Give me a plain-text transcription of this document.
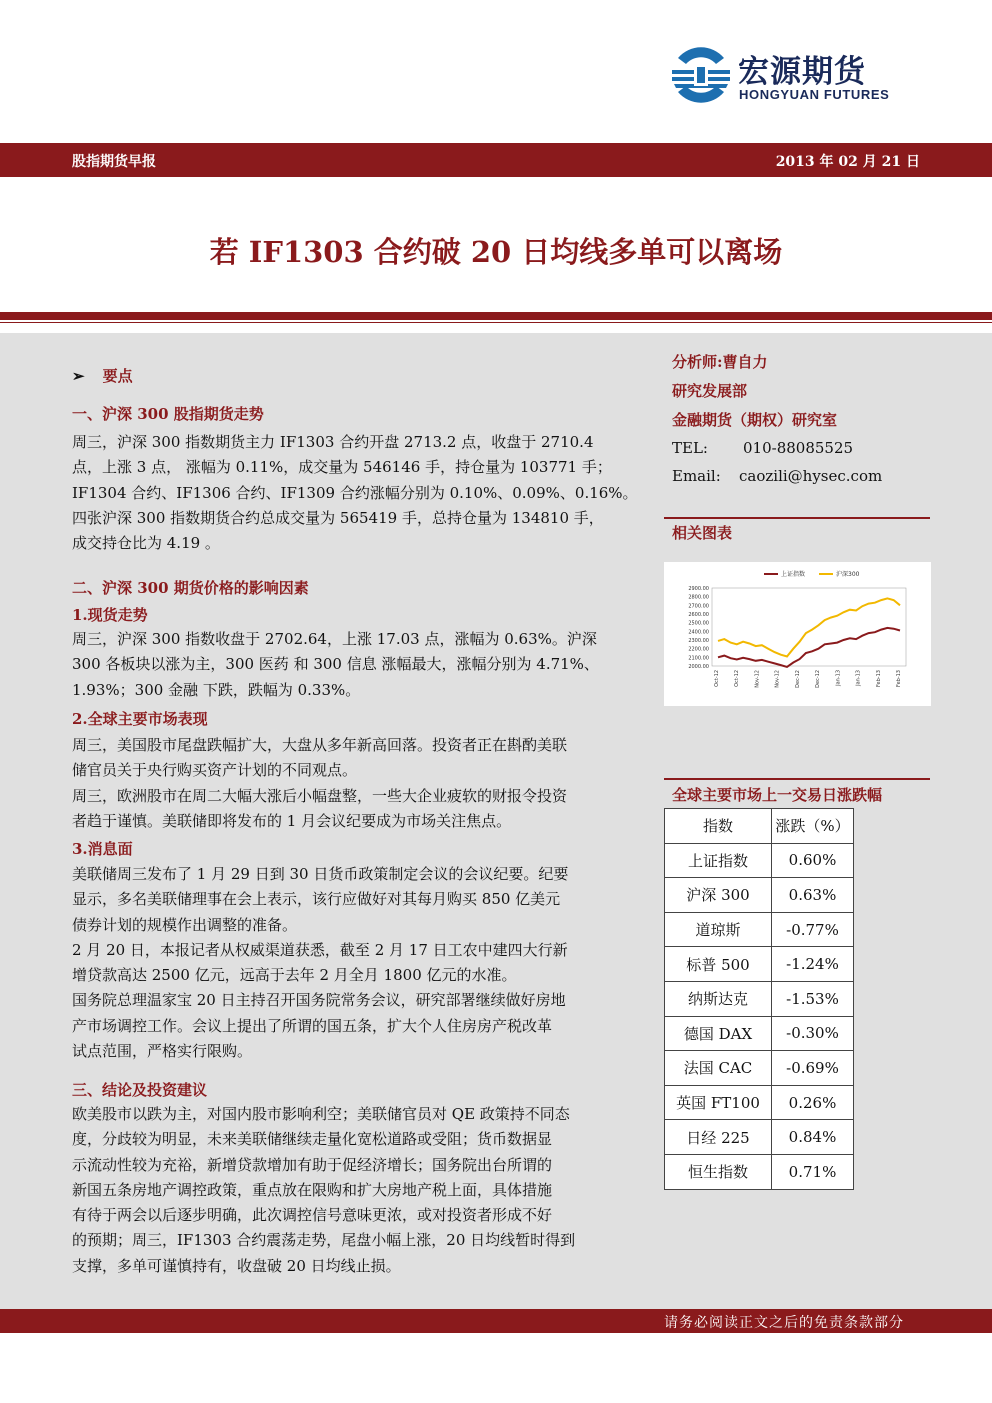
宏源期货
HONGYUAN FUTURES
股指期货早报	2013 年 02 月 21 日
若 IF1303 合约破 20 日均线多单可以离场
➢ 要点
一、沪深 300 股指期货走势
周三，沪深 300 指数期货主力 IF1303 合约开盘 2713.2 点，收盘于 2710.4
点，上涨 3 点， 涨幅为 0.11%，成交量为 546146 手，持仓量为 103771 手；
IF1304 合约、IF1306 合约、IF1309 合约涨幅分别为 0.10%、0.09%、0.16%。
四张沪深 300 指数期货合约总成交量为 565419 手，总持仓量为 134810 手，
成交持仓比为 4.19 。
二、沪深 300 期货价格的影响因素
1.现货走势
周三，沪深 300 指数收盘于 2702.64，上涨 17.03 点，涨幅为 0.63%。沪深
300 各板块以涨为主，300 医药 和 300 信息 涨幅最大，涨幅分别为 4.71%、
1.93%；300 金融 下跌，跌幅为 0.33%。
2.全球主要市场表现
周三，美国股市尾盘跌幅扩大，大盘从多年新高回落。投资者正在斟酌美联
储官员关于央行购买资产计划的不同观点。
周三，欧洲股市在周二大幅大涨后小幅盘整，一些大企业疲软的财报令投资
者趋于谨慎。美联储即将发布的 1 月会议纪要成为市场关注焦点。
3.消息面
美联储周三发布了 1 月 29 日到 30 日货币政策制定会议的会议纪要。纪要
显示，多名美联储理事在会上表示，该行应做好对其每月购买 850 亿美元
债券计划的规模作出调整的准备。
2 月 20 日，本报记者从权威渠道获悉，截至 2 月 17 日工农中建四大行新
增贷款高达 2500 亿元，远高于去年 2 月全月 1800 亿元的水准。
国务院总理温家宝 20 日主持召开国务院常务会议，研究部署继续做好房地
产市场调控工作。会议上提出了所谓的国五条，扩大个人住房房产税改革
试点范围，严格实行限购。
三、结论及投资建议
欧美股市以跌为主，对国内股市影响利空；美联储官员对 QE 政策持不同态
度，分歧较为明显，未来美联储继续走量化宽松道路或受阻；货币数据显
示流动性较为充裕，新增贷款增加有助于促经济增长；国务院出台所谓的
新国五条房地产调控政策，重点放在限购和扩大房地产税上面，具体措施
有待于两会以后逐步明确，此次调控信号意味更浓，或对投资者形成不好
的预期；周三，IF1303 合约震荡走势，尾盘小幅上涨，20 日均线暂时得到
支撑，多单可谨慎持有，收盘破 20 日均线止损。
分析师:曹自力
研究发展部
金融期货（期权）研究室
TEL: 010-88085525
Email: caozili@hysec.com
相关图表
2900.00
2800.00
2700.00
2600.00
2500.00
2400.00
2300.00
2200.00
2100.00
2000.00
Oct-12	Oct-12	Nov-12	Nov-12	Dec-12	Dec-12	Jan-13	Jan-13	Feb-13	Feb-13
上证指数	沪深300
全球主要市场上一交易日涨跌幅
指数	涨跌（%）
上证指数	0.60%
沪深 300	0.63%
道琼斯	-0.77%
标普 500	-1.24%
纳斯达克	-1.53%
德国 DAX	-0.30%
法国 CAC	-0.69%
英国 FT100	0.26%
日经 225	0.84%
恒生指数	0.71%
请务必阅读正文之后的免责条款部分
